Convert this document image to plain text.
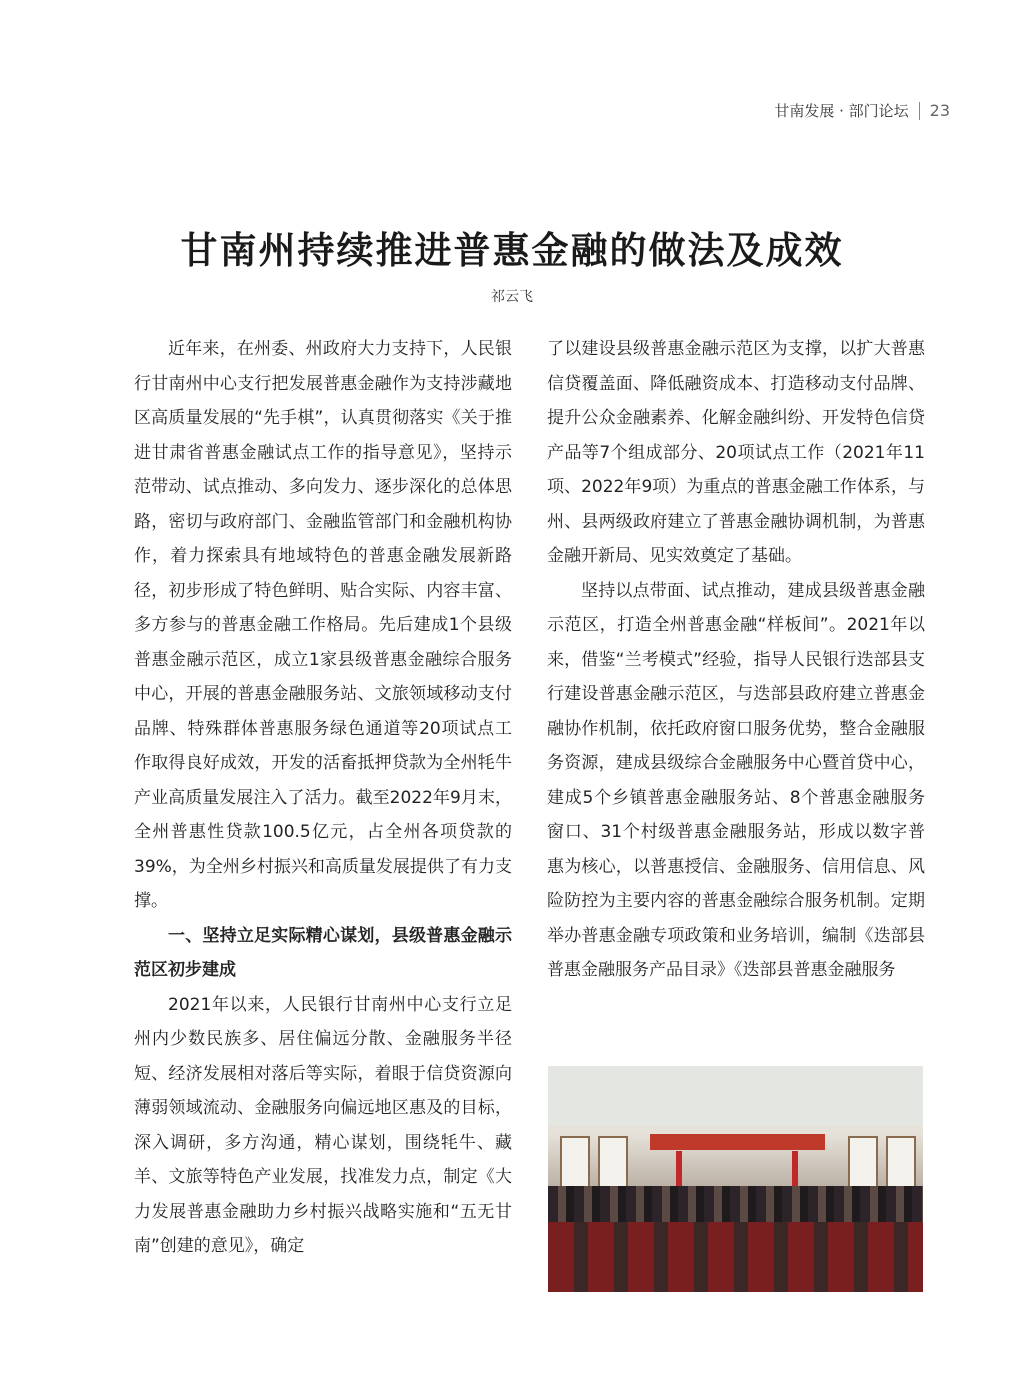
甘南发展 · 部门论坛 23
甘南州持续推进普惠金融的做法及成效
祁云飞

近年来，在州委、州政府大力支持下，人民银行甘南州中心支行把发展普惠金融作为支持涉藏地区高质量发展的“先手棋”，认真贯彻落实《关于推进甘肃省普惠金融试点工作的指导意见》，坚持示范带动、试点推动、多向发力、逐步深化的总体思路，密切与政府部门、金融监管部门和金融机构协作，着力探索具有地域特色的普惠金融发展新路径，初步形成了特色鲜明、贴合实际、内容丰富、多方参与的普惠金融工作格局。先后建成1个县级普惠金融示范区，成立1家县级普惠金融综合服务中心，开展的普惠金融服务站、文旅领域移动支付品牌、特殊群体普惠服务绿色通道等20项试点工作取得良好成效，开发的活畜抵押贷款为全州牦牛产业高质量发展注入了活力。截至2022年9月末，全州普惠性贷款100.5亿元，占全州各项贷款的39%，为全州乡村振兴和高质量发展提供了有力支撑。

一、坚持立足实际精心谋划，县级普惠金融示范区初步建成

2021年以来，人民银行甘南州中心支行立足州内少数民族多、居住偏远分散、金融服务半径短、经济发展相对落后等实际，着眼于信贷资源向薄弱领域流动、金融服务向偏远地区惠及的目标，深入调研，多方沟通，精心谋划，围绕牦牛、藏羊、文旅等特色产业发展，找准发力点，制定《大力发展普惠金融助力乡村振兴战略实施和“五无甘南”创建的意见》，确定

了以建设县级普惠金融示范区为支撑，以扩大普惠信贷覆盖面、降低融资成本、打造移动支付品牌、提升公众金融素养、化解金融纠纷、开发特色信贷产品等7个组成部分、20项试点工作（2021年11项、2022年9项）为重点的普惠金融工作体系，与州、县两级政府建立了普惠金融协调机制，为普惠金融开新局、见实效奠定了基础。

坚持以点带面、试点推动，建成县级普惠金融示范区，打造全州普惠金融“样板间”。2021年以来，借鉴“兰考模式”经验，指导人民银行迭部县支行建设普惠金融示范区，与迭部县政府建立普惠金融协作机制，依托政府窗口服务优势，整合金融服务资源，建成县级综合金融服务中心暨首贷中心，建成5个乡镇普惠金融服务站、8个普惠金融服务窗口、31个村级普惠金融服务站，形成以数字普惠为核心，以普惠授信、金融服务、信用信息、风险防控为主要内容的普惠金融综合服务机制。定期举办普惠金融专项政策和业务培训，编制《迭部县普惠金融服务产品目录》《迭部县普惠金融服务
